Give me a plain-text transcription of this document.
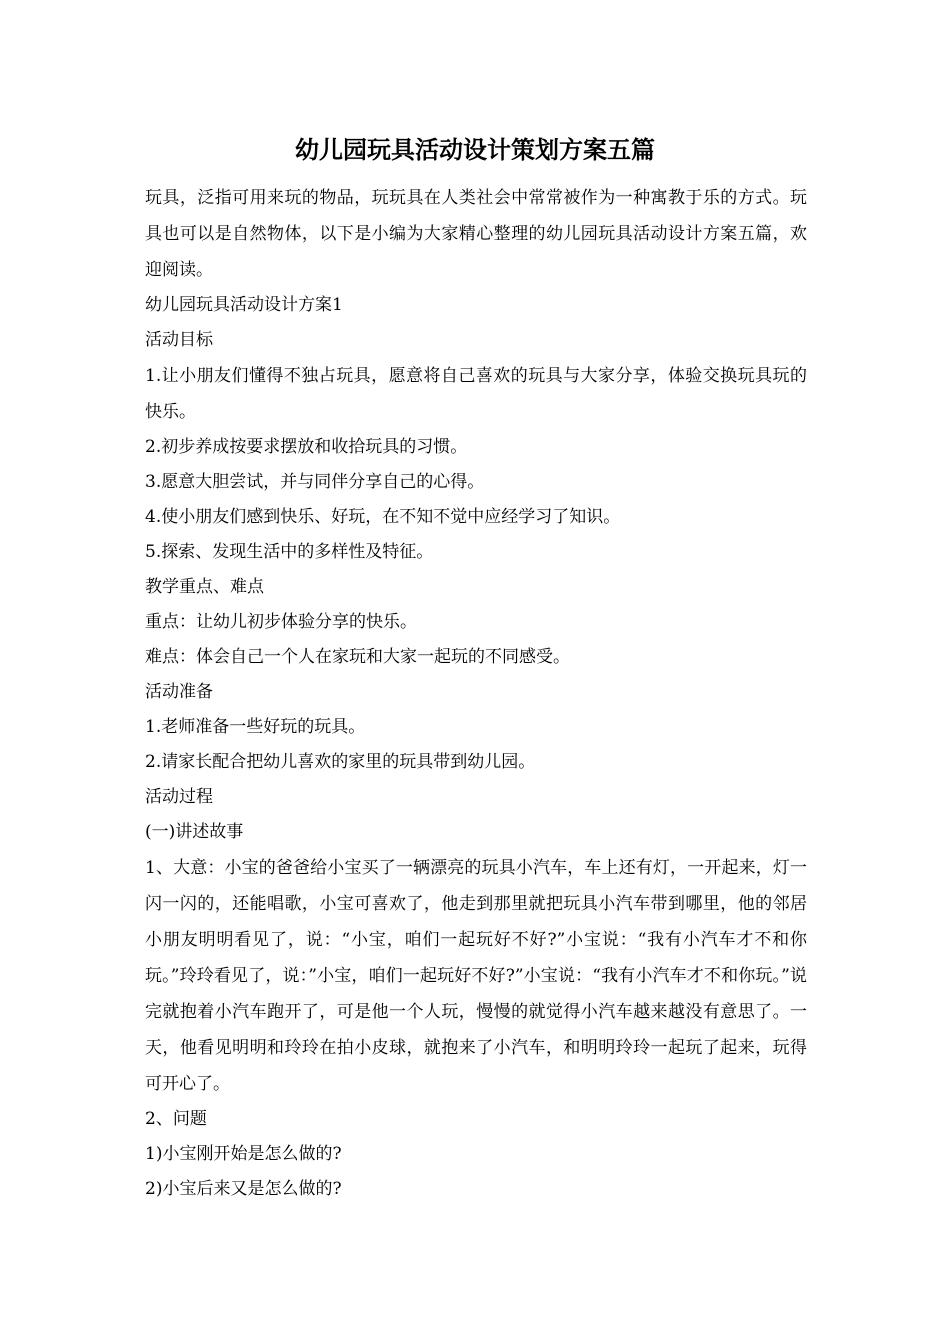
幼儿园玩具活动设计策划方案五篇

玩具，泛指可用来玩的物品，玩玩具在人类社会中常常被作为一种寓教于乐的方式。玩具也可以是自然物体，以下是小编为大家精心整理的幼儿园玩具活动设计方案五篇，欢迎阅读。

幼儿园玩具活动设计方案1

活动目标

1.让小朋友们懂得不独占玩具，愿意将自己喜欢的玩具与大家分享，体验交换玩具玩的快乐。

2.初步养成按要求摆放和收拾玩具的习惯。

3.愿意大胆尝试，并与同伴分享自己的心得。

4.使小朋友们感到快乐、好玩，在不知不觉中应经学习了知识。

5.探索、发现生活中的多样性及特征。

教学重点、难点

重点：让幼儿初步体验分享的快乐。

难点：体会自己一个人在家玩和大家一起玩的不同感受。

活动准备

1.老师准备一些好玩的玩具。

2.请家长配合把幼儿喜欢的家里的玩具带到幼儿园。

活动过程

(一)讲述故事

1、大意：小宝的爸爸给小宝买了一辆漂亮的玩具小汽车，车上还有灯，一开起来，灯一闪一闪的，还能唱歌，小宝可喜欢了，他走到那里就把玩具小汽车带到哪里，他的邻居小朋友明明看见了，说：“小宝，咱们一起玩好不好?”小宝说：“我有小汽车才不和你玩。”玲玲看见了，说：”小宝，咱们一起玩好不好?”小宝说：“我有小汽车才不和你玩。”说完就抱着小汽车跑开了，可是他一个人玩，慢慢的就觉得小汽车越来越没有意思了。一天，他看见明明和玲玲在拍小皮球，就抱来了小汽车，和明明玲玲一起玩了起来，玩得可开心了。

2、问题

1)小宝刚开始是怎么做的?

2)小宝后来又是怎么做的?
